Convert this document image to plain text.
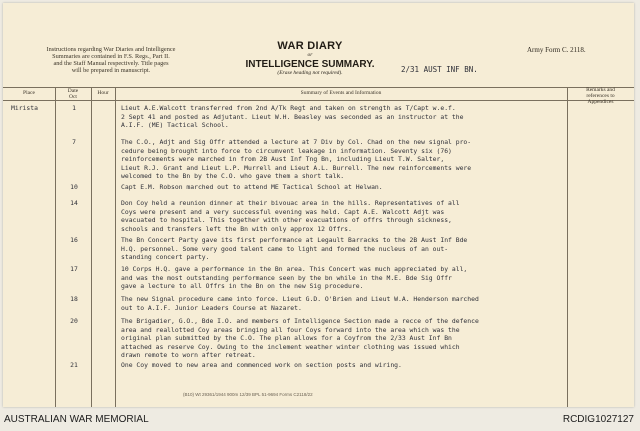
Instructions regarding War Diaries and Intelligence
Summaries are contained in F.S. Regs., Part II.
and the Staff Manual respectively. Title pages
will be prepared in manuscript.
WAR DIARY
or
INTELLIGENCE SUMMARY.
(Erase heading not required).
Army Form C. 2118.
2/31 AUST INF BN.
Place	Date
Oct
Hour	Summary of Events and Information	Remarks and
references to
Appendices
Mirista	1	Lieut A.E.Walcott transferred from 2nd A/Tk Regt and taken on strength as T/Capt w.e.f.
2 Sept 41 and posted as Adjutant. Lieut W.H. Beasley was seconded as an instructor at the
A.I.F. (ME) Tactical School.
7	The C.O., Adjt and Sig Offr attended a lecture at 7 Div by Col. Chad on the new signal pro-
cedure being brought into force to circumvent leakage in information. Seventy six (76)
reinforcements were marched in from 2B Aust Inf Tng Bn, including Lieut T.W. Salter,
Lieut R.J. Grant and Lieut L.P. Murrell and Lieut A.L. Burrell. The new reinforcements were
welcomed to the Bn by the C.O. who gave them a short talk.
10	Capt E.M. Robson marched out to attend ME Tactical School at Helwan.
14	Don Coy held a reunion dinner at their bivouac area in the hills. Representatives of all
Coys were present and a very successful evening was held. Capt A.E. Walcott Adjt was
evacuated to hospital. This together with other evacuations of offrs through sickness,
schools and transfers left the Bn with only approx 12 Offrs.
16	The Bn Concert Party gave its first performance at Legault Barracks to the 2B Aust Inf Bde
H.Q. personnel. Some very good talent came to light and formed the nucleus of an out-
standing concert party.
17	10 Corps H.Q. gave a performance in the Bn area. This Concert was much appreciated by all,
and was the most outstanding performance seen by the bn while in the M.E. Bde Sig Offr
gave a lecture to all Offrs in the Bn on the new Sig procedure.
18	The new Signal procedure came into force. Lieut G.D. O'Brien and Lieut W.A. Henderson marched
out to A.I.F. Junior Leaders Course at Nazaret.
20	The Brigadier, G.O., Bde I.O. and members of Intelligence Section made a recce of the defence
area and reallotted Coy areas bringing all four Coys forward into the area which was the
original plan submitted by the C.O. The plan allows for a Coyfrom the 2/33 Aust Inf Bn
attached as reserve Coy. Owing to the inclement weather winter clothing was issued which
drawn remote to worn after retreat.
21	One Coy moved to new area and commenced work on section posts and wiring.
(B10) Wt 29361/1944 900m 12/39 BPL 51-9694 Forms C2118/22
AUSTRALIAN WAR MEMORIAL	RCDIG1027127
